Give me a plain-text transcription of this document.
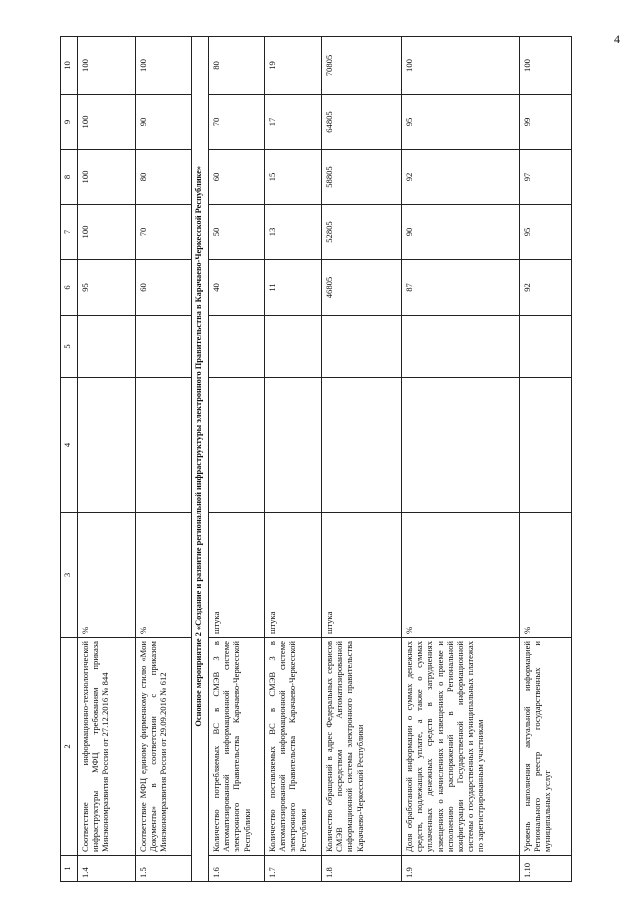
4
1	2	3	4	5	6	7	8	9	10
1.4	Соответствие информационно-технологической инфраструктуры МФЦ требованиям приказа Минэкономразвития России от 27.12.2016 № 844	%			95	100	100	100	100
1.5	Соответствие МФЦ единому фирменному стилю «Мои Документы» в соответствии с приказом Минэкономразвития России от 29.09.2016 № 612	%			60	70	80	90	100
	Основное мероприятие 2 «Создание и развитие региональной инфраструктуры электронного Правительства в Карачаево-Черкесской Республике»								
1.6	Количество потребляемых ВС в СМЭВ 3 в Автоматизированной информационной системе электронного Правительства Карачаево-Черкесской Республики	штука			40	50	60	70	80
1.7	Количество поставляемых ВС в СМЭВ 3 в Автоматизированной информационной системе электронного Правительства Карачаево-Черкесской Республики	штука			11	13	15	17	19
1.8	Количество обращений в адрес Федеральных сервисов СМЭВ посредством Автоматизированной информационной системы электронного правительства Карачаево-Черкесской Республики	штука			46805	52805	58805	64805	70805
1.9	Доля обработанной информации о суммах денежных средств, подлежащих уплате, а также о суммах уплаченных денежных средств в затруднениях извещениях о начислениях и извещениях о приеме и исполнению распоряжений в Региональной конфигурации Государственной информационной системы о государственных и муниципальных платежах по зарегистрированным участникам	%			87	90	92	95	100
1.10	Уровень наполнения актуальной информацией Регионального реестр государственных и муниципальных услуг	%			92	95	97	99	100
